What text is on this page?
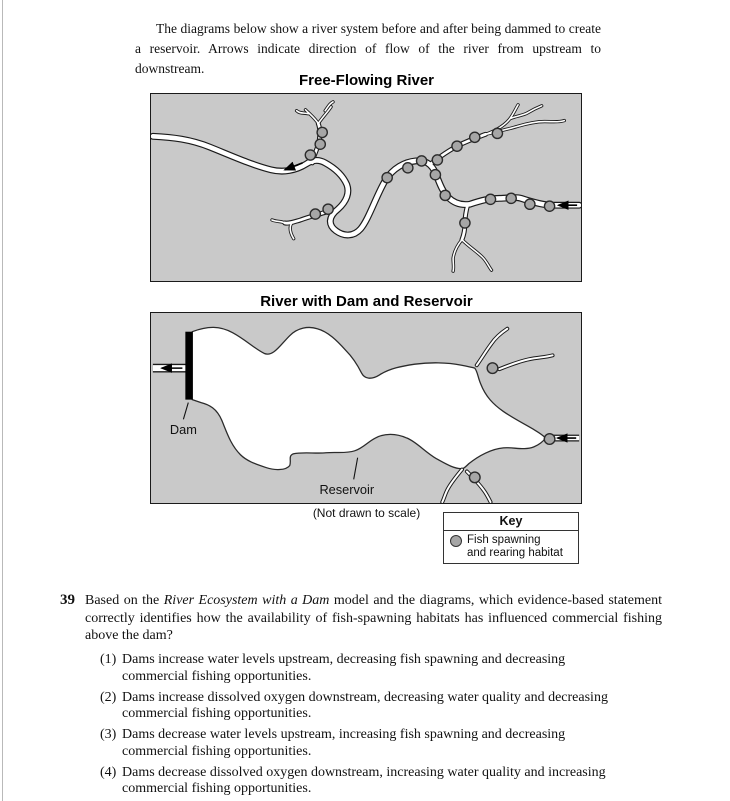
The diagrams below show a river system before and after being dammed to create a reservoir. Arrows indicate direction of flow of the river from upstream to downstream.

Free-Flowing River
River with Dam and Reservoir
Dam
Reservoir
(Not drawn to scale)
Key
Fish spawning
and rearing habitat
39 Based on the River Ecosystem with a Dam model and the diagrams, which evidence-based statement correctly identifies how the availability of fish-spawning habitats has influenced commercial fishing above the dam?
(1) Dams increase water levels upstream, decreasing fish spawning and decreasing commercial fishing opportunities.
(2) Dams increase dissolved oxygen downstream, decreasing water quality and decreasing commercial fishing opportunities.
(3) Dams decrease water levels upstream, increasing fish spawning and decreasing commercial fishing opportunities.
(4) Dams decrease dissolved oxygen downstream, increasing water quality and increasing commercial fishing opportunities.
